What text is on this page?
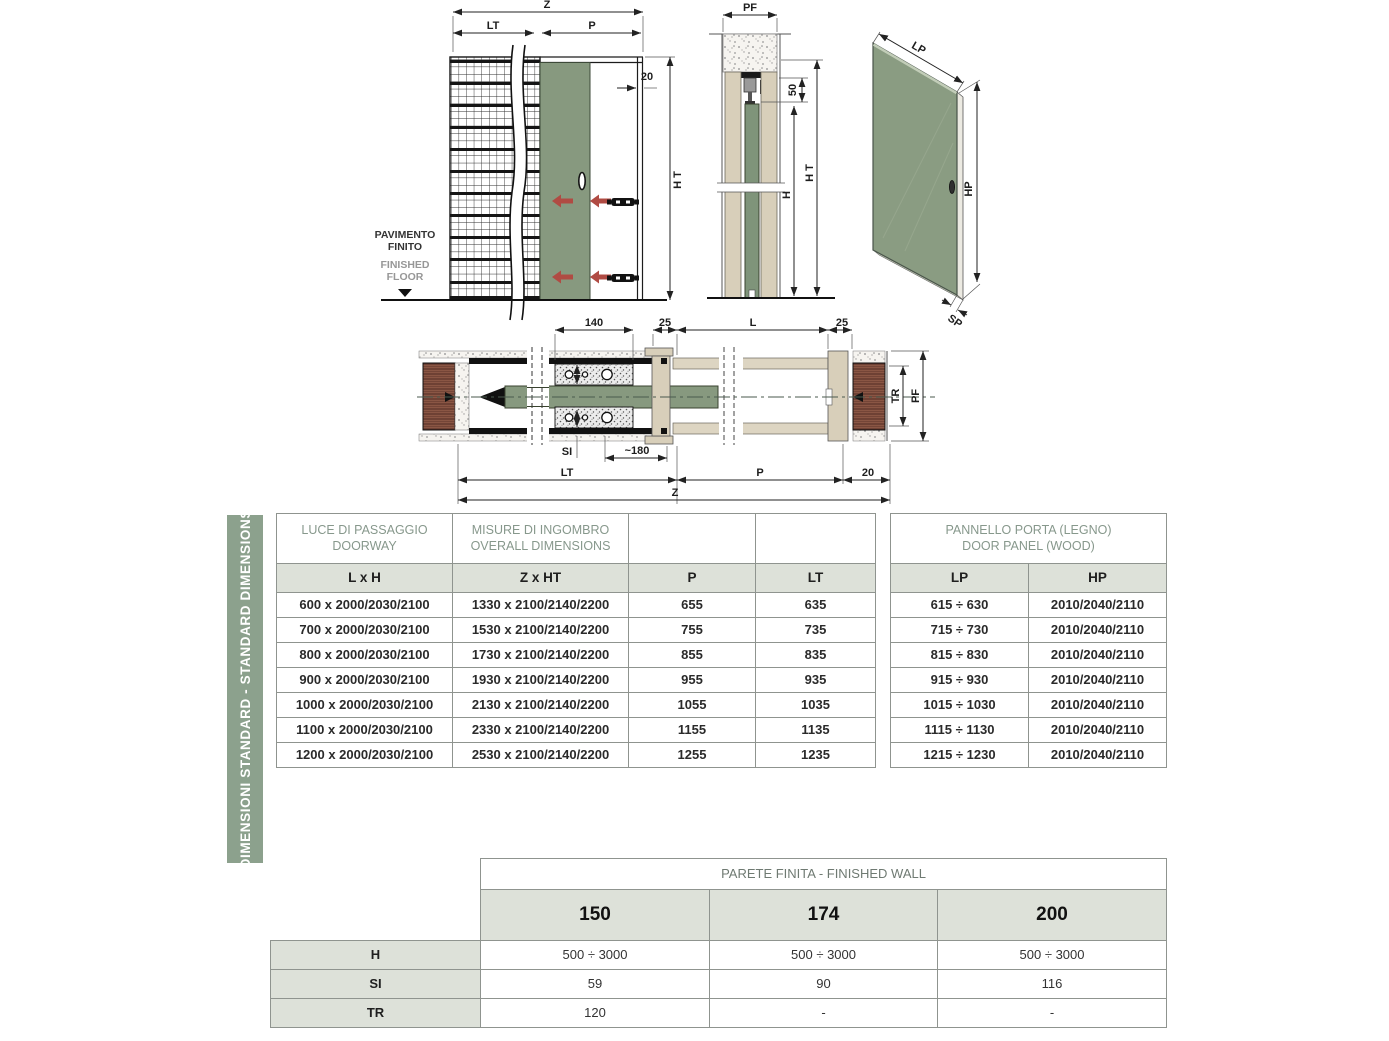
Z
LT	P
20
H T
PAVIMENTO
FINITO
FINISHED
FLOOR
PF
50
H
H T
LP
HP
SP
140	25	L	25
SI	~180
LT	P	20
Z
TR PF
DIMENSIONI STANDARD - STANDARD DIMENSIONS	LUCE DI PASSAGGIO
DOORWAY

MISURE DI INGOMBRO
OVERALL DIMENSIONS

L x H	Z x HT	P	LT
600 x 2000/2030/2100	1330 x 2100/2140/2200	655	635
700 x 2000/2030/2100	1530 x 2100/2140/2200	755	735
800 x 2000/2030/2100	1730 x 2100/2140/2200	855	835
900 x 2000/2030/2100	1930 x 2100/2140/2200	955	935
1000 x 2000/2030/2100	2130 x 2100/2140/2200	1055	1035
1100 x 2000/2030/2100	2330 x 2100/2140/2200	1155	1135
1200 x 2000/2030/2100	2530 x 2100/2140/2200	1255	1235
PANNELLO PORTA (LEGNO)
DOOR PANEL (WOOD)	

LP	HP
615 ÷ 630	2010/2040/2110
715 ÷ 730	2010/2040/2110
815 ÷ 830	2010/2040/2110
915 ÷ 930	2010/2040/2110
1015 ÷ 1030	2010/2040/2110
1115 ÷ 1130	2010/2040/2110
1215 ÷ 1230	2010/2040/2110
	PARETE FINITA - FINISHED WALL		
	150	174	200
H	500 ÷ 3000	500 ÷ 3000	500 ÷ 3000
SI	59	90	116
TR	120	-	-
